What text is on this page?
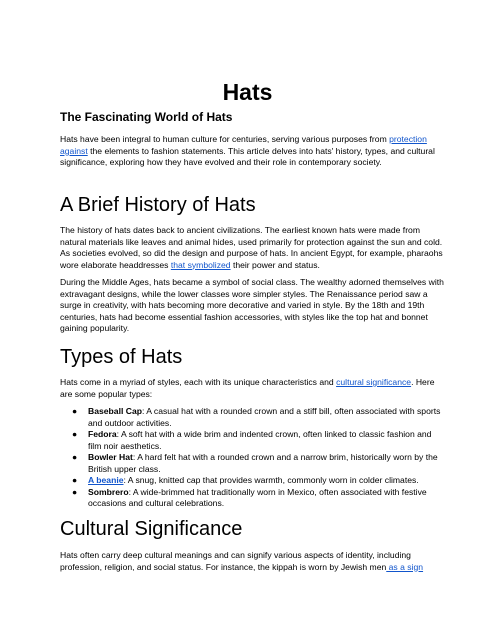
Hats
The Fascinating World of Hats

Hats have been integral to human culture for centuries, serving various purposes from protection against the elements to fashion statements. This article delves into hats' history, types, and cultural significance, exploring how they have evolved and their role in contemporary society.

A Brief History of Hats

The history of hats dates back to ancient civilizations. The earliest known hats were made from natural materials like leaves and animal hides, used primarily for protection against the sun and cold. As societies evolved, so did the design and purpose of hats. In ancient Egypt, for example, pharaohs wore elaborate headdresses that symbolized their power and status.

During the Middle Ages, hats became a symbol of social class. The wealthy adorned themselves with extravagant designs, while the lower classes wore simpler styles. The Renaissance period saw a surge in creativity, with hats becoming more decorative and varied in style. By the 18th and 19th centuries, hats had become essential fashion accessories, with styles like the top hat and bonnet gaining popularity.

Types of Hats

Hats come in a myriad of styles, each with its unique characteristics and cultural significance. Here are some popular types:

● Baseball Cap: A casual hat with a rounded crown and a stiff bill, often associated with sports and outdoor activities.
● Fedora: A soft hat with a wide brim and indented crown, often linked to classic fashion and film noir aesthetics.
● Bowler Hat: A hard felt hat with a rounded crown and a narrow brim, historically worn by the British upper class.
● A beanie: A snug, knitted cap that provides warmth, commonly worn in colder climates.
● Sombrero: A wide-brimmed hat traditionally worn in Mexico, often associated with festive occasions and cultural celebrations.
Cultural Significance

Hats often carry deep cultural meanings and can signify various aspects of identity, including profession, religion, and social status. For instance, the kippah is worn by Jewish men as a sign
